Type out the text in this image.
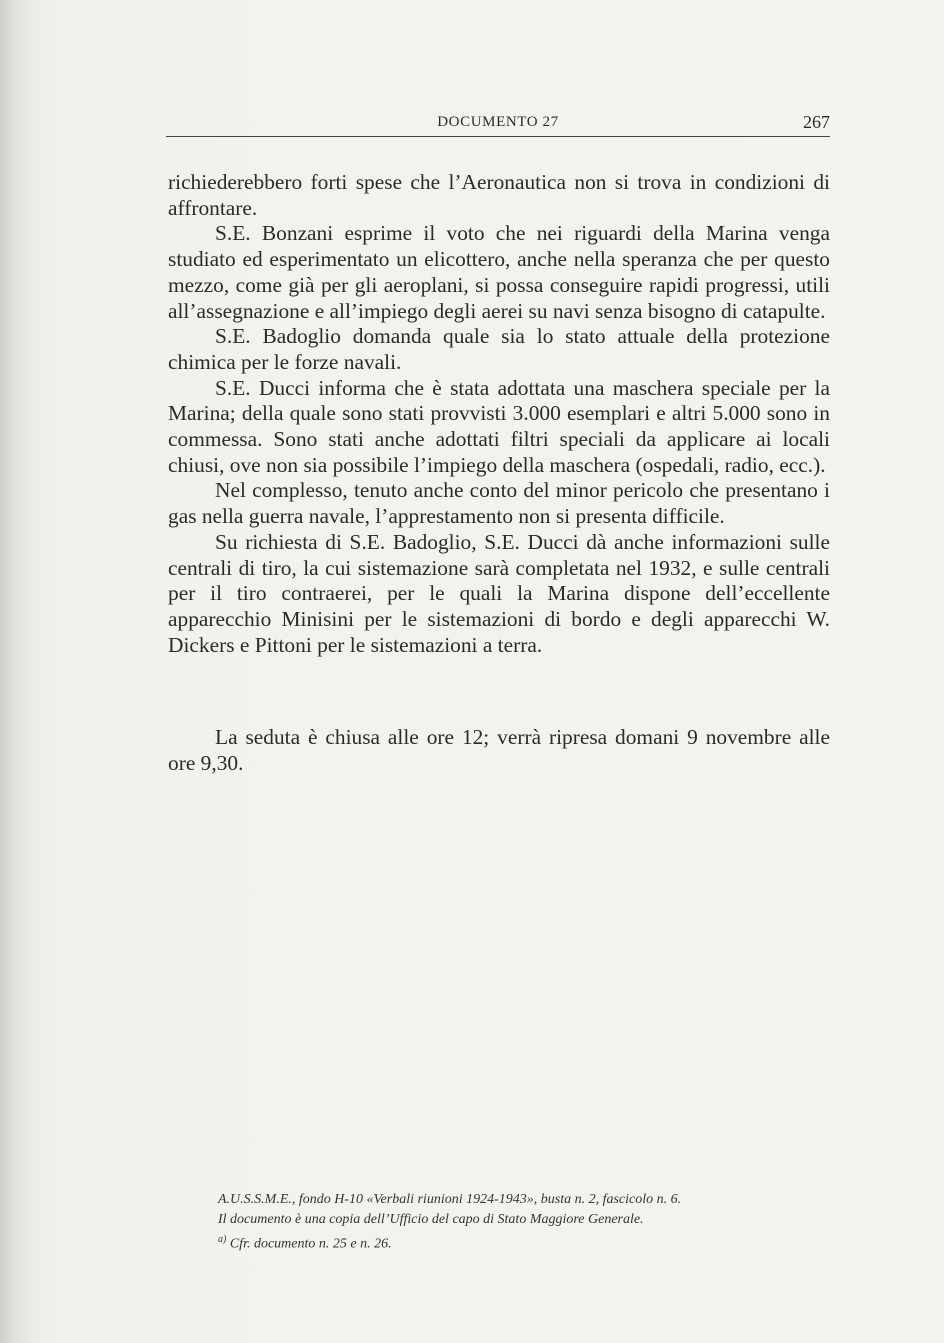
DOCUMENTO 27	267

richiederebbero forti spese che l’Aeronautica non si trova in condizioni di affrontare.

S.E. Bonzani esprime il voto che nei riguardi della Marina venga studiato ed esperimentato un elicottero, anche nella speranza che per questo mezzo, come già per gli aeroplani, si possa conseguire rapidi progressi, utili all’assegnazione e all’impiego degli aerei su navi senza bisogno di catapulte.

S.E. Badoglio domanda quale sia lo stato attuale della protezione chimica per le forze navali.

S.E. Ducci informa che è stata adottata una maschera speciale per la Marina; della quale sono stati provvisti 3.000 esemplari e altri 5.000 sono in commessa. Sono stati anche adottati filtri speciali da applicare ai locali chiusi, ove non sia possibile l’impiego della maschera (ospedali, radio, ecc.).

Nel complesso, tenuto anche conto del minor pericolo che presentano i gas nella guerra navale, l’apprestamento non si presenta difficile.

Su richiesta di S.E. Badoglio, S.E. Ducci dà anche informazioni sulle centrali di tiro, la cui sistemazione sarà completata nel 1932, e sulle centrali per il tiro contraerei, per le quali la Marina dispone dell’eccellente apparecchio Minisini per le sistemazioni di bordo e degli apparecchi W. Dickers e Pittoni per le sistemazioni a terra.

La seduta è chiusa alle ore 12; verrà ripresa domani 9 novembre alle ore 9,30.

A.U.S.S.M.E., fondo H-10 «Verbali riunioni 1924-1943», busta n. 2, fascicolo n. 6.

Il documento è una copia dell’Ufficio del capo di Stato Maggiore Generale.

$^{a)}$ Cfr. documento n. 25 e n. 26.
